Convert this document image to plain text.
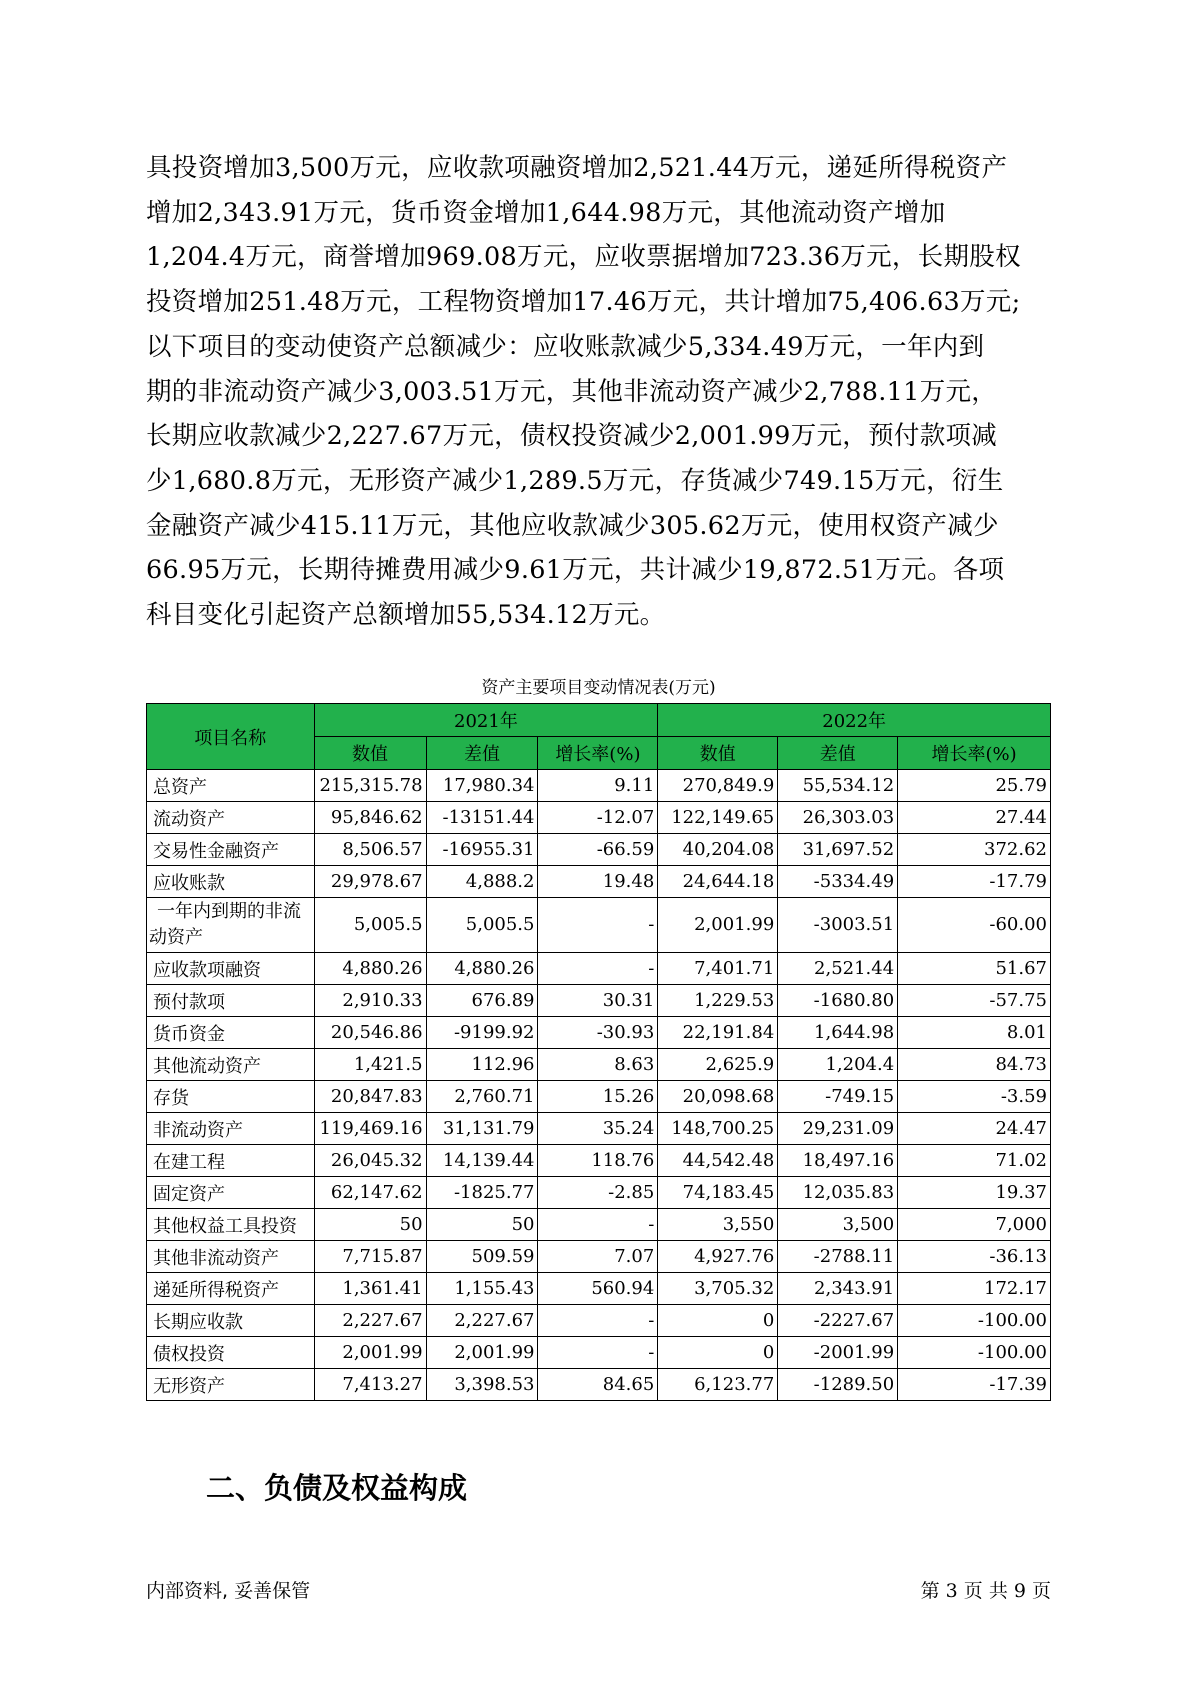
具投资增加3,500万元，应收款项融资增加2,521.44万元，递延所得税资产
增加2,343.91万元，货币资金增加1,644.98万元，其他流动资产增加
1,204.4万元，商誉增加969.08万元，应收票据增加723.36万元，长期股权
投资增加251.48万元，工程物资增加17.46万元，共计增加75,406.63万元;
以下项目的变动使资产总额减少：应收账款减少5,334.49万元，一年内到
期的非流动资产减少3,003.51万元，其他非流动资产减少2,788.11万元，
长期应收款减少2,227.67万元，债权投资减少2,001.99万元，预付款项减
少1,680.8万元，无形资产减少1,289.5万元，存货减少749.15万元，衍生
金融资产减少415.11万元，其他应收款减少305.62万元，使用权资产减少
66.95万元，长期待摊费用减少9.61万元，共计减少19,872.51万元。各项
科目变化引起资产总额增加55,534.12万元。
资产主要项目变动情况表(万元)
项目名称	2021年			2022年		
	数值	差值	增长率(%)	数值	差值	增长率(%)
总资产	215,315.78	17,980.34	9.11	270,849.9	55,534.12	25.79
流动资产	95,846.62	-13151.44	-12.07	122,149.65	26,303.03	27.44
交易性金融资产	8,506.57	-16955.31	-66.59	40,204.08	31,697.52	372.62
应收账款	29,978.67	4,888.2	19.48	24,644.18	-5334.49	-17.79

一年内到期的非流
动资产	5,005.5	5,005.5	-	2,001.99	-3003.51	-60.00
应收款项融资	4,880.26	4,880.26	-	7,401.71	2,521.44	51.67
预付款项	2,910.33	676.89	30.31	1,229.53	-1680.80	-57.75
货币资金	20,546.86	-9199.92	-30.93	22,191.84	1,644.98	8.01
其他流动资产	1,421.5	112.96	8.63	2,625.9	1,204.4	84.73
存货	20,847.83	2,760.71	15.26	20,098.68	-749.15	-3.59
非流动资产	119,469.16	31,131.79	35.24	148,700.25	29,231.09	24.47
在建工程	26,045.32	14,139.44	118.76	44,542.48	18,497.16	71.02
固定资产	62,147.62	-1825.77	-2.85	74,183.45	12,035.83	19.37
其他权益工具投资	50	50	-	3,550	3,500	7,000
其他非流动资产	7,715.87	509.59	7.07	4,927.76	-2788.11	-36.13
递延所得税资产	1,361.41	1,155.43	560.94	3,705.32	2,343.91	172.17
长期应收款	2,227.67	2,227.67	-	0	-2227.67	-100.00
债权投资	2,001.99	2,001.99	-	0	-2001.99	-100.00
无形资产	7,413.27	3,398.53	84.65	6,123.77	-1289.50	-17.39
二、负债及权益构成
内部资料, 妥善保管	第 3 页 共 9 页
